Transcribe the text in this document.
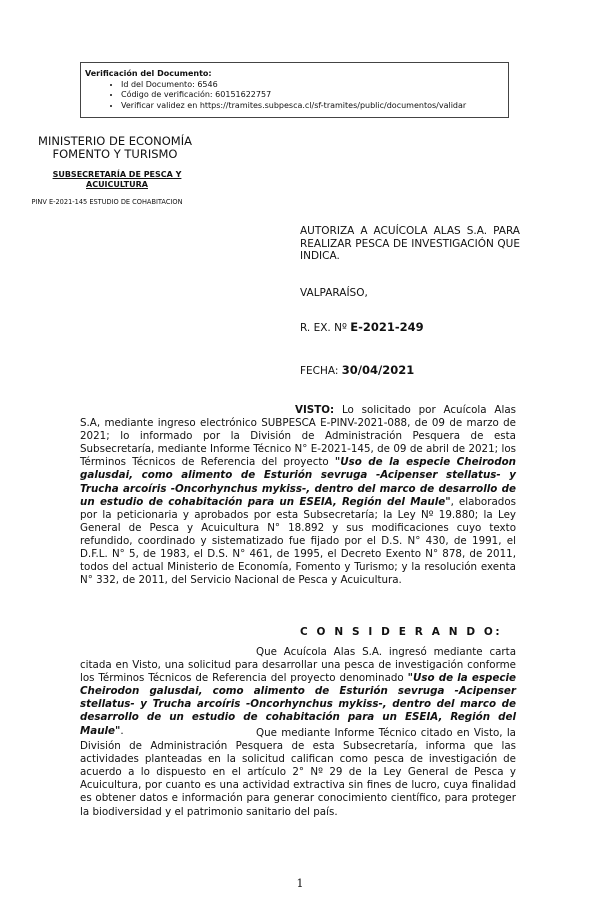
Verificación del Documento:
• Id del Documento: 6546
• Código de verificación: 60151622757
• Verificar validez en https://tramites.subpesca.cl/sf-tramites/public/documentos/validar
MINISTERIO DE ECONOMÍA
FOMENTO Y TURISMO
SUBSECRETARÍA DE PESCA Y ACUICULTURA
PINV E-2021-145 ESTUDIO DE COHABITACION
AUTORIZA A ACUÍCOLA ALAS S.A. PARA REALIZAR PESCA DE INVESTIGACIÓN QUE INDICA.
VALPARAÍSO,
R. EX. Nº E-2021-249
FECHA: 30/04/2021
VISTO: Lo solicitado por Acuícola Alas S.A, mediante ingreso electrónico SUBPESCA E-PINV-2021-088, de 09 de marzo de 2021; lo informado por la División de Administración Pesquera de esta Subsecretaría, mediante Informe Técnico N° E-2021-145, de 09 de abril de 2021; los Términos Técnicos de Referencia del proyecto "Uso de la especie Cheirodon galusdai, como alimento de Esturión sevruga -Acipenser stellatus- y Trucha arcoíris -Oncorhynchus mykiss-, dentro del marco de desarrollo de un estudio de cohabitación para un ESEIA, Región del Maule", elaborados por la peticionaria y aprobados por esta Subsecretaría; la Ley Nº 19.880; la Ley General de Pesca y Acuicultura N° 18.892 y sus modificaciones cuyo texto refundido, coordinado y sistematizado fue fijado por el D.S. N° 430, de 1991, el D.F.L. N° 5, de 1983, el D.S. N° 461, de 1995, el Decreto Exento N° 878, de 2011, todos del actual Ministerio de Economía, Fomento y Turismo; y la resolución exenta N° 332, de 2011, del Servicio Nacional de Pesca y Acuicultura.
C O N S I D E R A N D O:
Que Acuícola Alas S.A. ingresó mediante carta citada en Visto, una solicitud para desarrollar una pesca de investigación conforme los Términos Técnicos de Referencia del proyecto denominado "Uso de la especie Cheirodon galusdai, como alimento de Esturión sevruga -Acipenser stellatus- y Trucha arcoíris -Oncorhynchus mykiss-, dentro del marco de desarrollo de un estudio de cohabitación para un ESEIA, Región del Maule".	Que mediante Informe Técnico citado en Visto, la División de Administración Pesquera de esta Subsecretaría, informa que las actividades planteadas en la solicitud califican como pesca de investigación de acuerdo a lo dispuesto en el artículo 2° Nº 29 de la Ley General de Pesca y Acuicultura, por cuanto es una actividad extractiva sin fines de lucro, cuya finalidad es obtener datos e información para generar conocimiento científico, para proteger la biodiversidad y el patrimonio sanitario del país.
1
